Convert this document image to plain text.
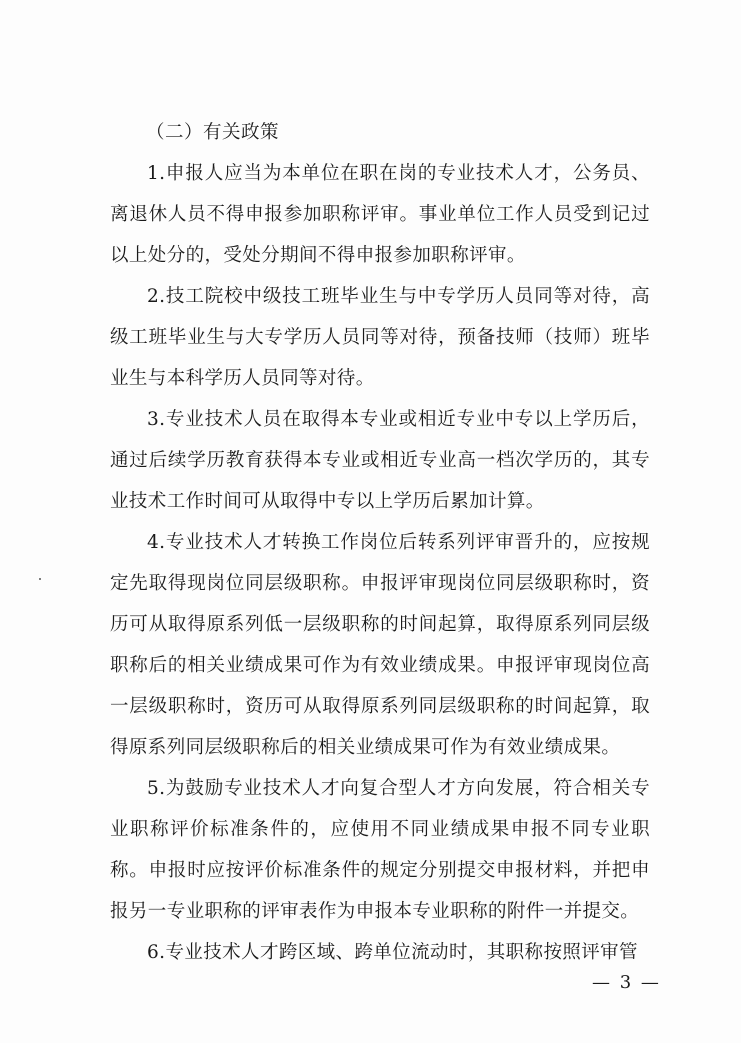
（二）有关政策

1.申报人应当为本单位在职在岗的专业技术人才，公务员、离退休人员不得申报参加职称评审。事业单位工作人员受到记过以上处分的，受处分期间不得申报参加职称评审。

2.技工院校中级技工班毕业生与中专学历人员同等对待，高级工班毕业生与大专学历人员同等对待，预备技师（技师）班毕业生与本科学历人员同等对待。

3.专业技术人员在取得本专业或相近专业中专以上学历后，通过后续学历教育获得本专业或相近专业高一档次学历的，其专业技术工作时间可从取得中专以上学历后累加计算。

4.专业技术人才转换工作岗位后转系列评审晋升的，应按规定先取得现岗位同层级职称。申报评审现岗位同层级职称时，资历可从取得原系列低一层级职称的时间起算，取得原系列同层级职称后的相关业绩成果可作为有效业绩成果。申报评审现岗位高一层级职称时，资历可从取得原系列同层级职称的时间起算，取得原系列同层级职称后的相关业绩成果可作为有效业绩成果。

5.为鼓励专业技术人才向复合型人才方向发展，符合相关专业职称评价标准条件的，应使用不同业绩成果申报不同专业职称。申报时应按评价标准条件的规定分别提交申报材料，并把申报另一专业职称的评审表作为申报本专业职称的附件一并提交。

6.专业技术人才跨区域、跨单位流动时，其职称按照评审管

— 3 —
